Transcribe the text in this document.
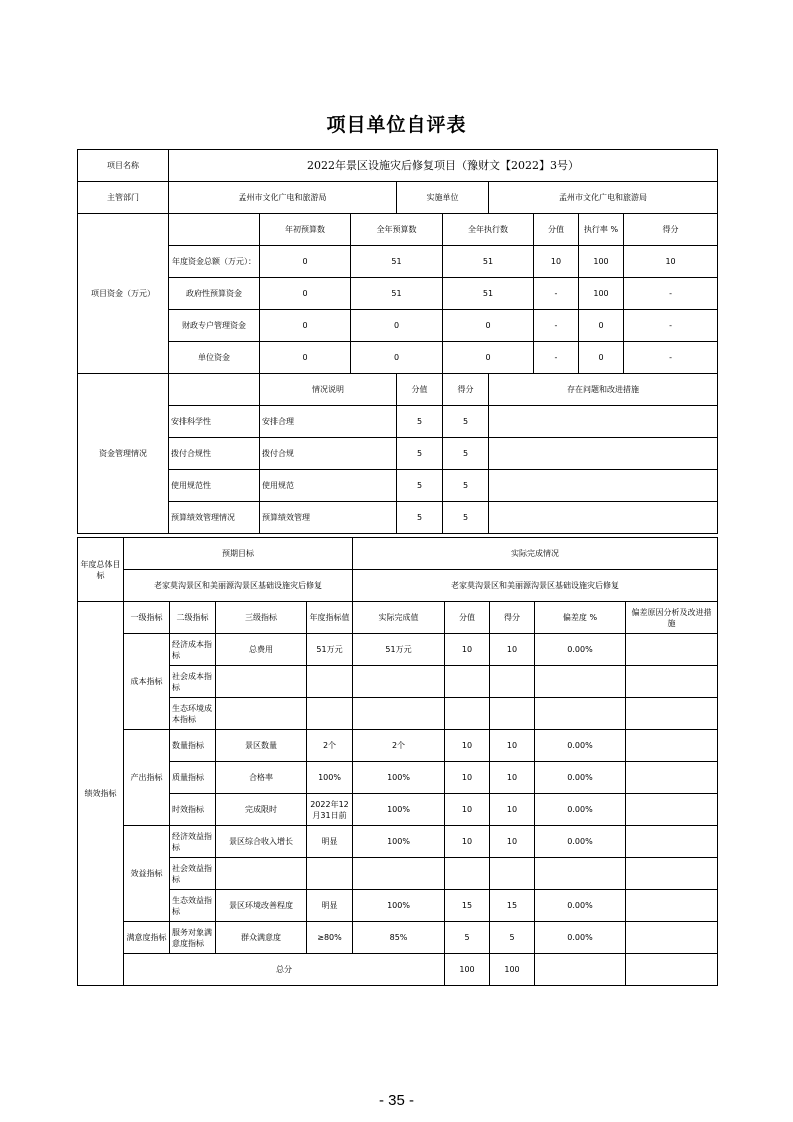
项目单位自评表
项目名称	2022年景区设施灾后修复项目（豫财文【2022】3号）								
主管部门	孟州市文化广电和旅游局			实施单位		孟州市文化广电和旅游局			
项目资金（万元）		年初预算数	全年预算数		全年执行数		分值	执行率 %	得分
	年度资金总额（万元）：	0	51		51		10	100	10
	政府性预算资金	0	51		51		-	100	-
	财政专户管理资金	0	0		0		-	0	-
	单位资金	0	0		0		-	0	-
资金管理情况		情况说明		分值	得分	存在问题和改进措施			
	安排科学性	安排合理		5	5				
	拨付合规性	拨付合规		5	5				
	使用规范性	使用规范		5	5				
	预算绩效管理情况	预算绩效管理		5	5				
年度总体目标	预期目标	实际完成情况
	老家莫沟景区和美丽源沟景区基础设施灾后修复	老家莫沟景区和美丽源沟景区基础设施灾后修复
绩效指标	一级指标	二级指标	三级指标	年度指标值	实际完成值	分值	得分	偏差度 %	偏差原因分析及改进措施
	成本指标	经济成本指标	总费用	51万元	51万元	10	10	0.00%	
		社会成本指标							
		生态环境成本指标							
	产出指标	数量指标	景区数量	2个	2个	10	10	0.00%	
		质量指标	合格率	100%	100%	10	10	0.00%	
		时效指标	完成限时	2022年12月31日前	100%	10	10	0.00%	
	效益指标	经济效益指标	景区综合收入增长	明显	100%	10	10	0.00%	
		社会效益指标							
		生态效益指标	景区环境改善程度	明显	100%	15	15	0.00%	
	满意度指标	服务对象满意度指标	群众满意度	≥80%	85%	5	5	0.00%	
	总分					100	100		
- 35 -
